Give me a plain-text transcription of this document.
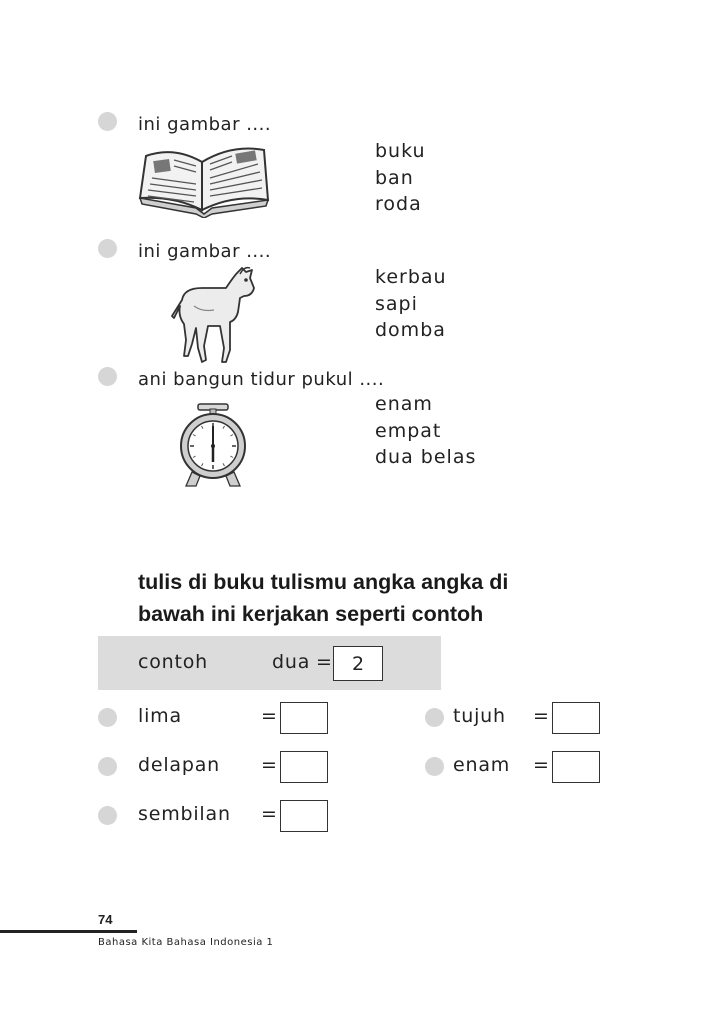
ini gambar ....
buku
ban
roda
ini gambar ....
kerbau
sapi
domba
ani bangun tidur pukul ....
enam
empat
dua belas
tulis di buku tulismu angka angka di
bawah ini kerjakan seperti contoh
contoh	dua = 2
lima	=	tujuh =
delapan =	enam =
sembilan =
74
Bahasa Kita Bahasa Indonesia 1
